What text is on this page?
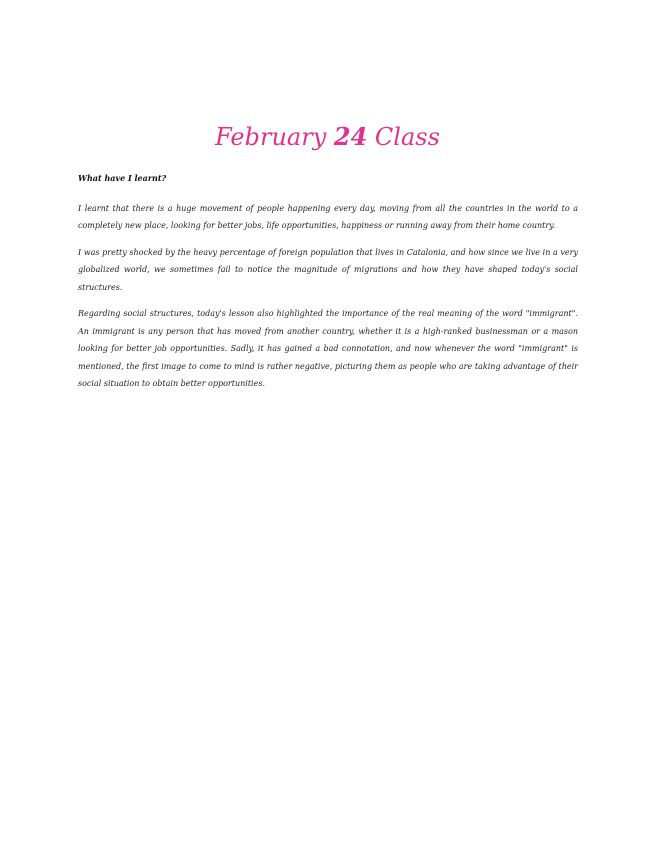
February 24 Class

What have I learnt?

I learnt that there is a huge movement of people happening every day, moving from all the countries in the world to a completely new place, looking for better jobs, life opportunities, happiness or running away from their home country.

I was pretty shocked by the heavy percentage of foreign population that lives in Catalonia, and how since we live in a very globalized world, we sometimes fail to notice the magnitude of migrations and how they have shaped today's social structures.

Regarding social structures, today's lesson also highlighted the importance of the real meaning of the word "immigrant". An immigrant is any person that has moved from another country, whether it is a high-ranked businessman or a mason looking for better job opportunities. Sadly, it has gained a bad connotation, and now whenever the word "immigrant" is mentioned, the first image to come to mind is rather negative, picturing them as people who are taking advantage of their social situation to obtain better opportunities.
